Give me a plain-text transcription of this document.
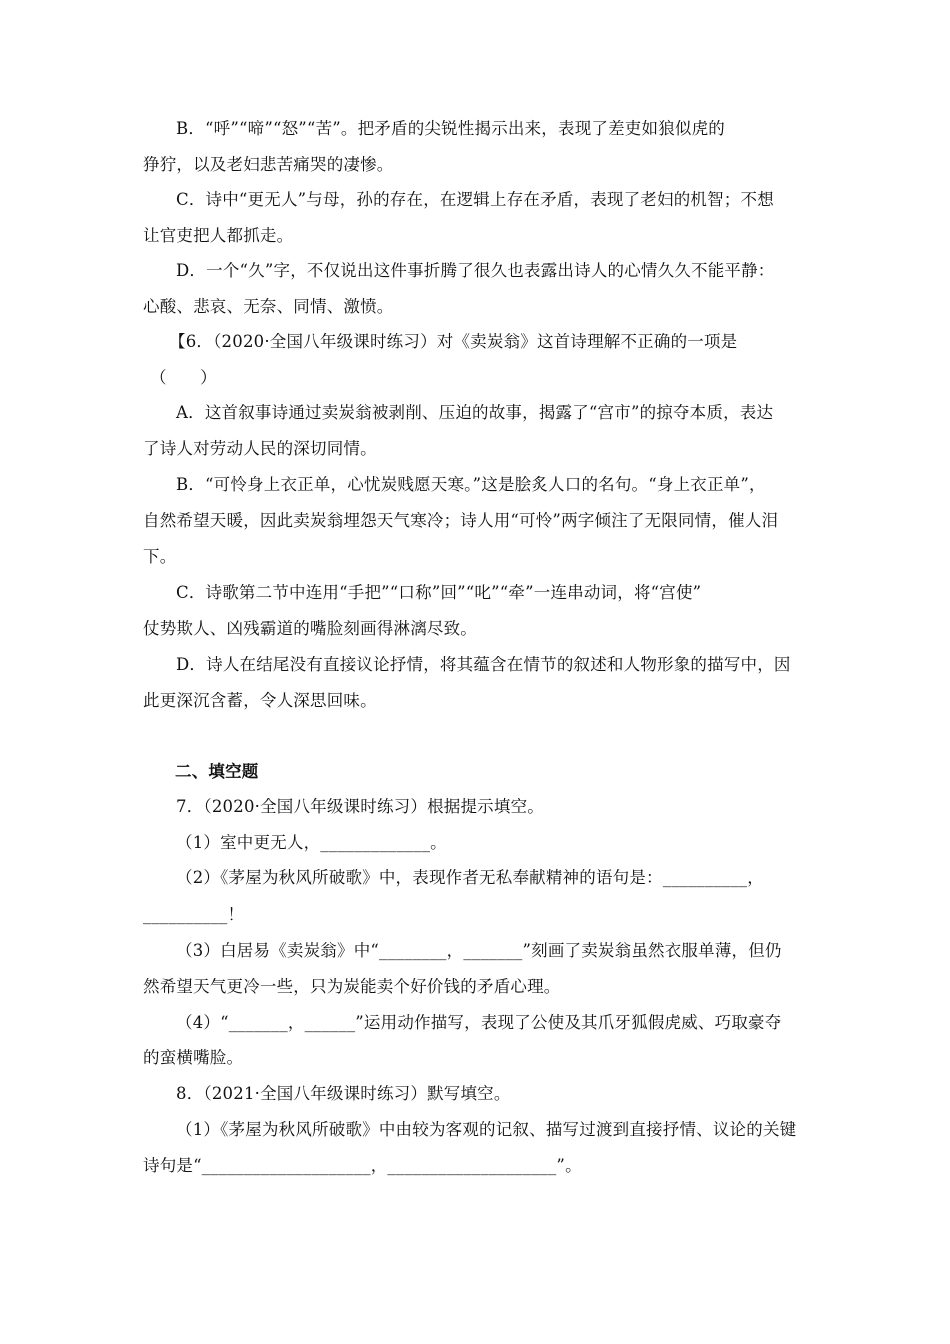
B．“呼”“啼”“怒”“苦”。把矛盾的尖锐性揭示出来，表现了差吏如狼似虎的
狰狞，以及老妇悲苦痛哭的凄惨。
C．诗中“更无人”与母，孙的存在，在逻辑上存在矛盾，表现了老妇的机智；不想
让官吏把人都抓走。
D．一个“久”字，不仅说出这件事折腾了很久也表露出诗人的心情久久不能平静：
心酸、悲哀、无奈、同情、激愤。
【6．（2020·全国八年级课时练习）对《卖炭翁》这首诗理解不正确的一项是
（　　）
A．这首叙事诗通过卖炭翁被剥削、压迫的故事，揭露了“宫市”的掠夺本质，表达
了诗人对劳动人民的深切同情。
B．“可怜身上衣正单，心忧炭贱愿天寒。”这是脍炙人口的名句。“身上衣正单”，
自然希望天暖，因此卖炭翁埋怨天气寒冷；诗人用“可怜”两字倾注了无限同情，催人泪
下。
C．诗歌第二节中连用“手把”“口称”回”“叱”“牵”一连串动词，将“宫使”
仗势欺人、凶残霸道的嘴脸刻画得淋漓尽致。
D．诗人在结尾没有直接议论抒情，将其蕴含在情节的叙述和人物形象的描写中，因
此更深沉含蓄，令人深思回味。
二、填空题
7．（2020·全国八年级课时练习）根据提示填空。
（1）室中更无人，_____________。
（2）《茅屋为秋风所破歌》中，表现作者无私奉献精神的语句是：__________，
__________！
（3）白居易《卖炭翁》中“________，_______”刻画了卖炭翁虽然衣服单薄，但仍
然希望天气更冷一些，只为炭能卖个好价钱的矛盾心理。
（4）“_______，______”运用动作描写，表现了公使及其爪牙狐假虎威、巧取豪夺
的蛮横嘴脸。
8．（2021·全国八年级课时练习）默写填空。
（1）《茅屋为秋风所破歌》中由较为客观的记叙、描写过渡到直接抒情、议论的关键
诗句是“____________________，____________________”。
